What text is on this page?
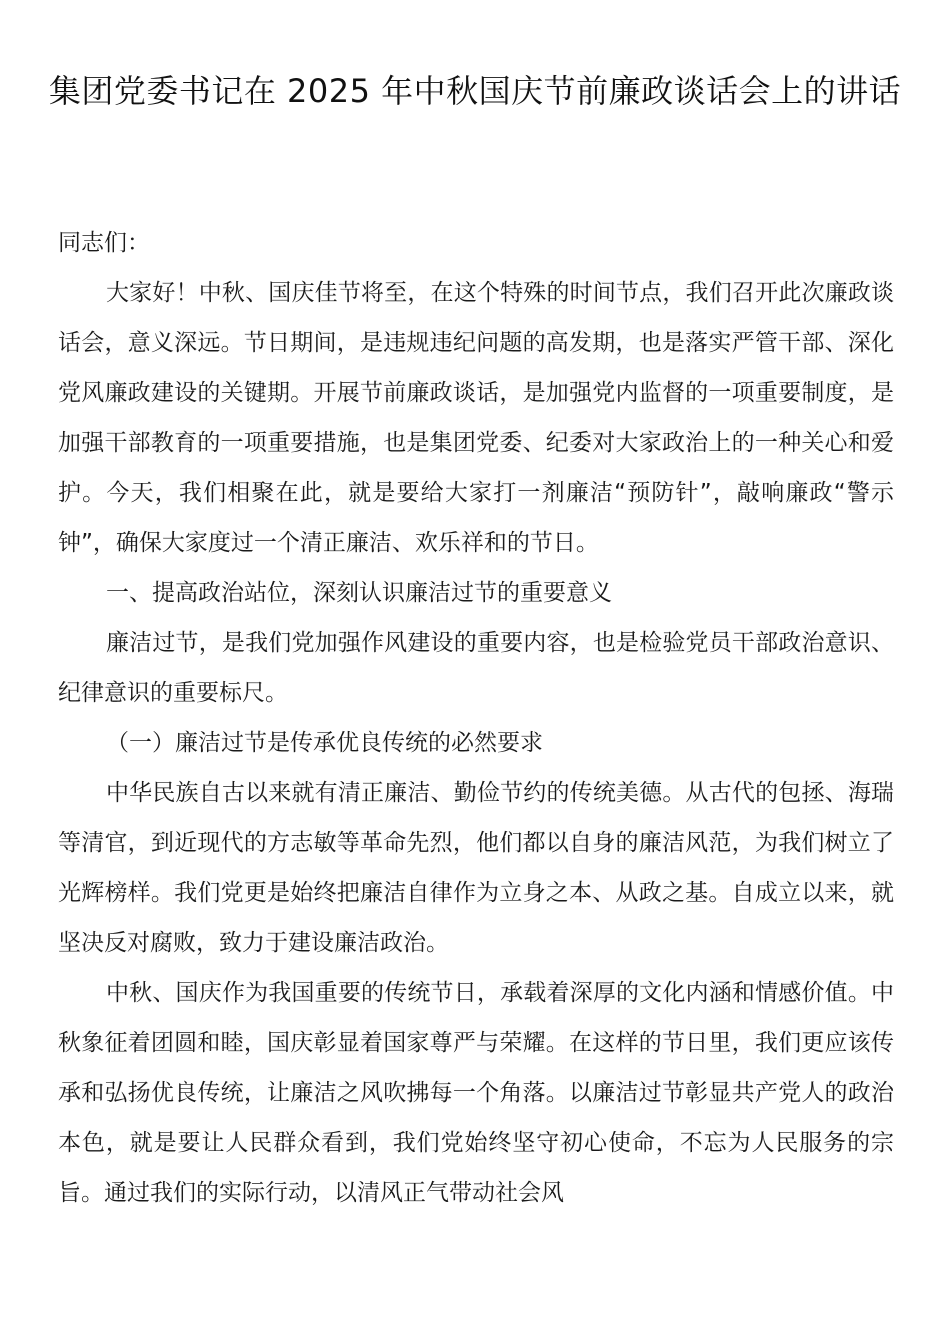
集团党委书记在 2025 年中秋国庆节前廉政谈话会上的讲话

同志们：

大家好！中秋、国庆佳节将至，在这个特殊的时间节点，我们召开此次廉政谈话会，意义深远。节日期间，是违规违纪问题的高发期，也是落实严管干部、深化党风廉政建设的关键期。开展节前廉政谈话，是加强党内监督的一项重要制度，是加强干部教育的一项重要措施，也是集团党委、纪委对大家政治上的一种关心和爱护。今天，我们相聚在此，就是要给大家打一剂廉洁“预防针”，敲响廉政“警示钟”，确保大家度过一个清正廉洁、欢乐祥和的节日。

一、提高政治站位，深刻认识廉洁过节的重要意义

廉洁过节，是我们党加强作风建设的重要内容，也是检验党员干部政治意识、纪律意识的重要标尺。

（一）廉洁过节是传承优良传统的必然要求

中华民族自古以来就有清正廉洁、勤俭节约的传统美德。从古代的包拯、海瑞等清官，到近现代的方志敏等革命先烈，他们都以自身的廉洁风范，为我们树立了光辉榜样。我们党更是始终把廉洁自律作为立身之本、从政之基。自成立以来，就坚决反对腐败，致力于建设廉洁政治。

中秋、国庆作为我国重要的传统节日，承载着深厚的文化内涵和情感价值。中秋象征着团圆和睦，国庆彰显着国家尊严与荣耀。在这样的节日里，我们更应该传承和弘扬优良传统，让廉洁之风吹拂每一个角落。以廉洁过节彰显共产党人的政治本色，就是要让人民群众看到，我们党始终坚守初心使命，不忘为人民服务的宗旨。通过我们的实际行动，以清风正气带动社会风
